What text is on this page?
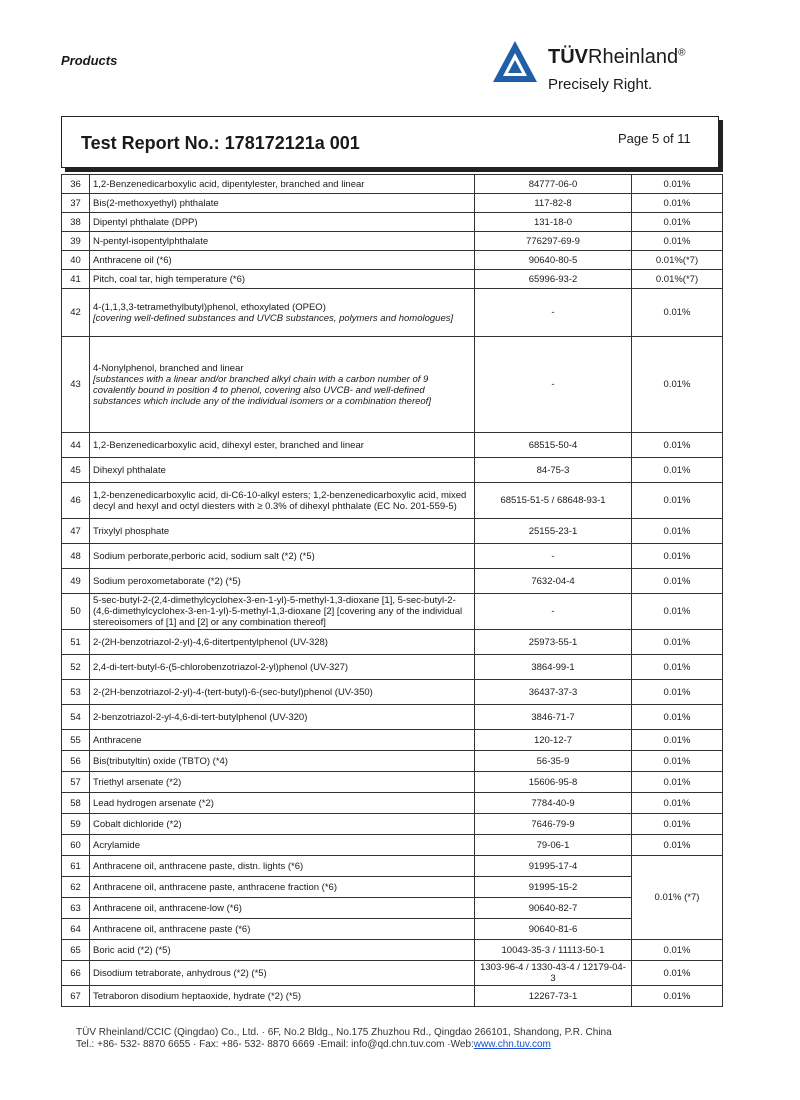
Products	TÜVRheinland®
Precisely Right.
Test Report No.: 178172121a 001	Page 5 of 11
36	1,2-Benzenedicarboxylic acid, dipentylester, branched and linear	84777-06-0	0.01%
37	Bis(2-methoxyethyl) phthalate	117-82-8	0.01%
38	Dipentyl phthalate (DPP)	131-18-0	0.01%
39	N-pentyl-isopentylphthalate	776297-69-9	0.01%
40	Anthracene oil (*6)	90640-80-5	0.01%(*7)
41	Pitch, coal tar, high temperature (*6)	65996-93-2	0.01%(*7)
42	4-(1,1,3,3-tetramethylbutyl)phenol, ethoxylated (OPEO)
[covering well-defined substances and UVCB substances, polymers and homologues]	-	0.01%
43	4-Nonylphenol, branched and linear
[substances with a linear and/or branched alkyl chain with a carbon number of 9 covalently bound in position 4 to phenol, covering also UVCB- and well-defined substances which include any of the individual isomers or a combination thereof]	-	0.01%
44	1,2-Benzenedicarboxylic acid, dihexyl ester, branched and linear	68515-50-4	0.01%
45	Dihexyl phthalate	84-75-3	0.01%
46	1,2-benzenedicarboxylic acid, di-C6-10-alkyl esters; 1,2-benzenedicarboxylic acid, mixed decyl and hexyl and octyl diesters with ≥ 0.3% of dihexyl phthalate (EC No. 201-559-5)	68515-51-5 / 68648-93-1	0.01%
47	Trixylyl phosphate	25155-23-1	0.01%
48	Sodium perborate,perboric acid, sodium salt (*2) (*5)	-	0.01%
49	Sodium peroxometaborate (*2) (*5)	7632-04-4	0.01%
50	5-sec-butyl-2-(2,4-dimethylcyclohex-3-en-1-yl)-5-methyl-1,3-dioxane [1], 5-sec-butyl-2-(4,6-dimethylcyclohex-3-en-1-yl)-5-methyl-1,3-dioxane [2] [covering any of the individual stereoisomers of [1] and [2] or any combination thereof]	-	0.01%
51	2-(2H-benzotriazol-2-yl)-4,6-ditertpentylphenol (UV-328)	25973-55-1	0.01%
52	2,4-di-tert-butyl-6-(5-chlorobenzotriazol-2-yl)phenol (UV-327)	3864-99-1	0.01%
53	2-(2H-benzotriazol-2-yl)-4-(tert-butyl)-6-(sec-butyl)phenol (UV-350)	36437-37-3	0.01%
54	2-benzotriazol-2-yl-4,6-di-tert-butylphenol (UV-320)	3846-71-7	0.01%
55	Anthracene	120-12-7	0.01%
56	Bis(tributyltin) oxide (TBTO) (*4)	56-35-9	0.01%
57	Triethyl arsenate (*2)	15606-95-8	0.01%
58	Lead hydrogen arsenate (*2)	7784-40-9	0.01%
59	Cobalt dichloride (*2)	7646-79-9	0.01%
60	Acrylamide	79-06-1	0.01%
61	Anthracene oil, anthracene paste, distn. lights (*6)	91995-17-4	0.01% (*7)
62	Anthracene oil, anthracene paste, anthracene fraction (*6)	91995-15-2	
63	Anthracene oil, anthracene-low (*6)	90640-82-7	
64	Anthracene oil, anthracene paste (*6)	90640-81-6	
65	Boric acid (*2) (*5)	10043-35-3 / 11113-50-1	0.01%
66	Disodium tetraborate, anhydrous (*2) (*5)	1303-96-4 / 1330-43-4 / 12179-04-3	0.01%
67	Tetraboron disodium heptaoxide, hydrate (*2) (*5)	12267-73-1	0.01%
TÜV Rheinland/CCIC (Qingdao) Co., Ltd. · 6F, No.2 Bldg., No.175 Zhuzhou Rd., Qingdao 266101, Shandong, P.R. China
Tel.: +86- 532- 8870 6655 · Fax: +86- 532- 8870 6669 ·Email: info@qd.chn.tuv.com ·Web:www.chn.tuv.com
